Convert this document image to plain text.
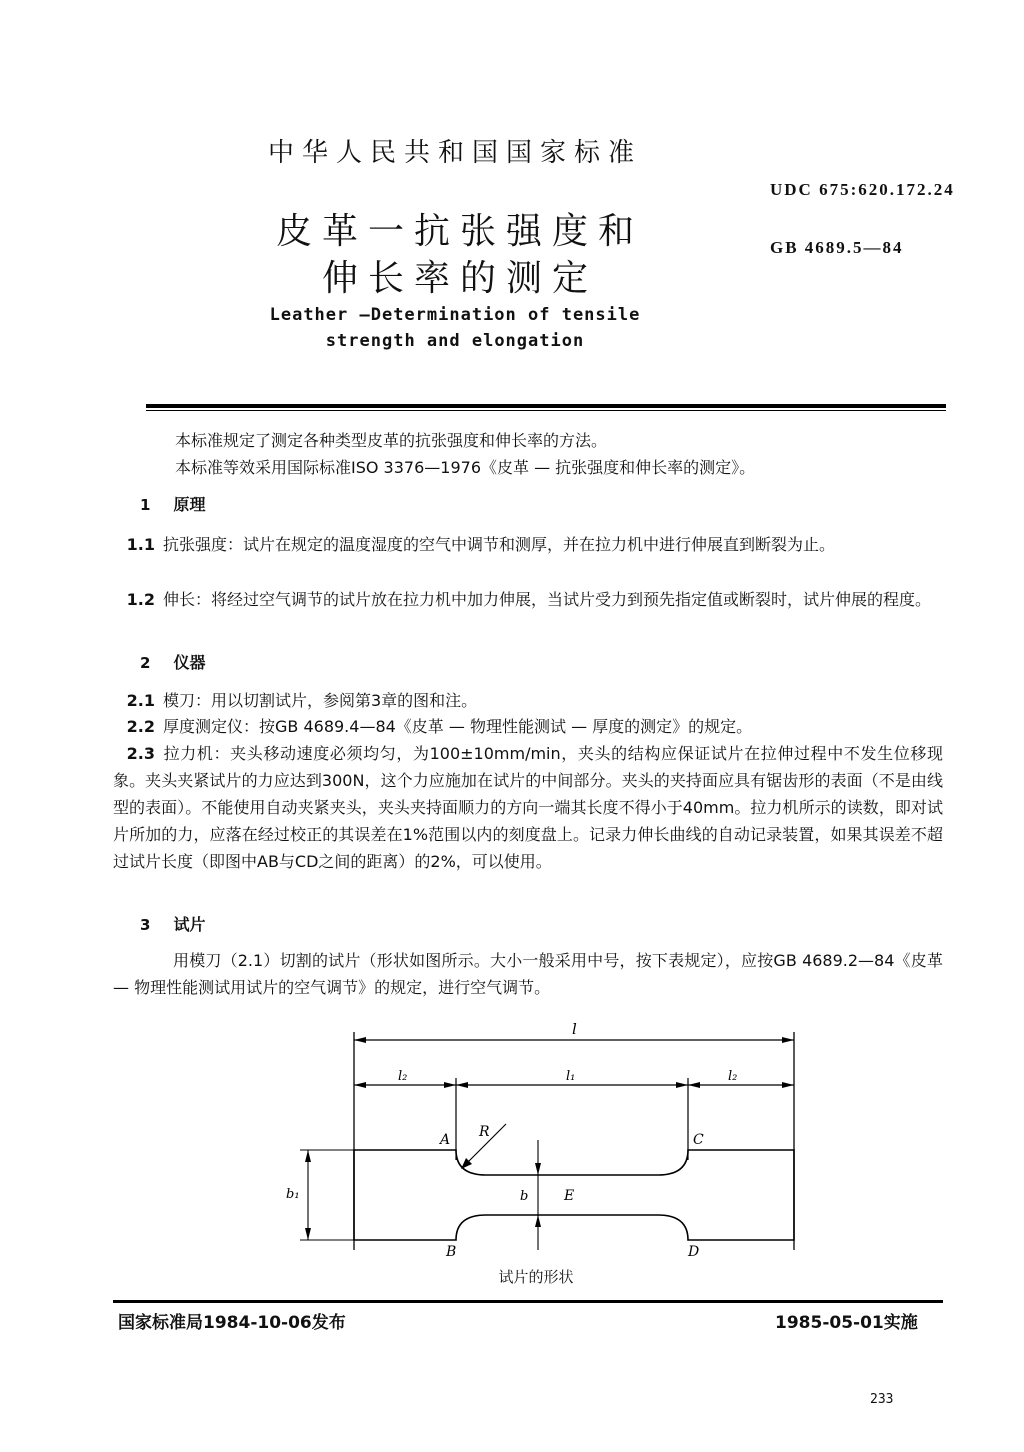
中华人民共和国国家标准
皮革一抗张强度和
伸长率的测定
Leather —Determination of tensile
strength and elongation
UDC 675:620.172.24
GB 4689.5—84
本标准规定了测定各种类型皮革的抗张强度和伸长率的方法。
本标准等效采用国际标准ISO 3376—1976《皮革 — 抗张强度和伸长率的测定》。
1 原理
1.1 抗张强度：试片在规定的温度湿度的空气中调节和测厚，并在拉力机中进行伸展直到断裂为止。
1.2 伸长：将经过空气调节的试片放在拉力机中加力伸展，当试片受力到预先指定值或断裂时，试片伸展的程度。
2 仪器
2.1 模刀：用以切割试片，参阅第3章的图和注。
2.2 厚度测定仪：按GB 4689.4—84《皮革 — 物理性能测试 — 厚度的测定》的规定。
2.3 拉力机：夹头移动速度必须均匀，为100±10mm/min，夹头的结构应保证试片在拉伸过程中不发生位移现象。夹头夹紧试片的力应达到300N，这个力应施加在试片的中间部分。夹头的夹持面应具有锯齿形的表面（不是由线型的表面）。不能使用自动夹紧夹头，夹头夹持面顺力的方向一端其长度不得小于40mm。拉力机所示的读数，即对试片所加的力，应落在经过校正的其误差在1%范围以内的刻度盘上。记录力伸长曲线的自动记录装置，如果其误差不超过试片长度（即图中AB与CD之间的距离）的2%，可以使用。
3 试片
用模刀（2.1）切割的试片（形状如图所示。大小一般采用中号，按下表规定），应按GB 4689.2—84《皮革 — 物理性能测试用试片的空气调节》的规定，进行空气调节。
l
l₂	l₁	l₂
b₁	b
R
A	C
B	D
E
试片的形状
国家标准局1984-10-06发布	1985-05-01实施
233
